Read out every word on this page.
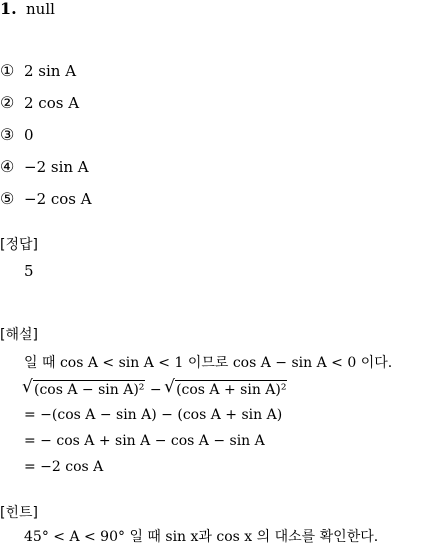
1. null
① 2 sin A
② 2 cos A
③ 0
④ −2 sin A
⑤ −2 cos A
[정답]
5
[해설]
일 때 cos A < sin A < 1 이므로 cos A − sin A < 0 이다.
√ (cos A − sin A)² − √ (cos A + sin A)²
= −(cos A − sin A) − (cos A + sin A)
= − cos A + sin A − cos A − sin A
= −2 cos A
[힌트]
45° < A < 90° 일 때 sin x과 cos x 의 대소를 확인한다.
